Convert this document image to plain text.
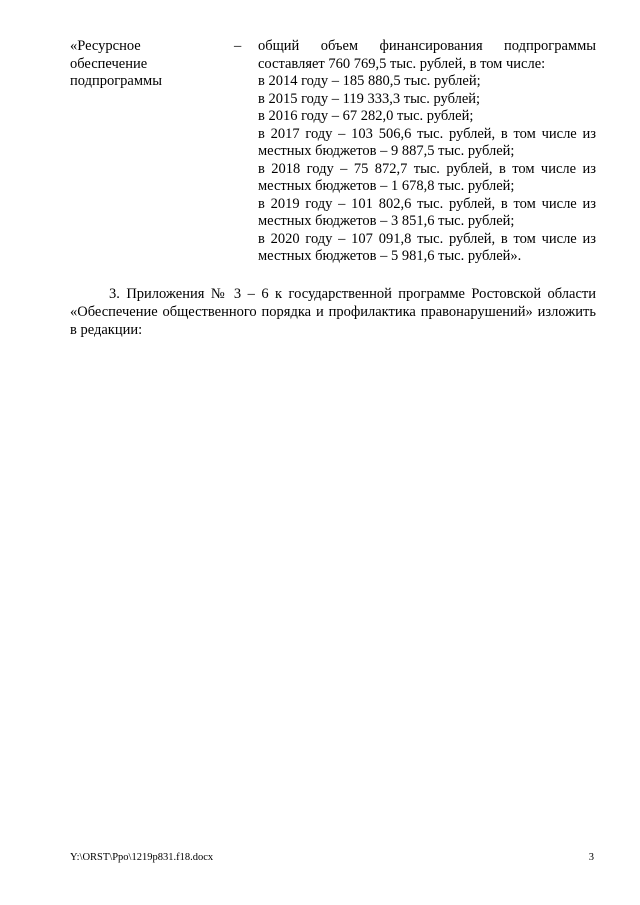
«Ресурсное
обеспечение
подпрограммы
– общий объем финансирования подпрограммы составляет 760 769,5 тыс. рублей, в том числе:

в 2014 году – 185 880,5 тыс. рублей;

в 2015 году – 119 333,3 тыс. рублей;

в 2016 году – 67 282,0 тыс. рублей;

в 2017 году – 103 506,6 тыс. рублей, в том числе из местных бюджетов – 9 887,5 тыс. рублей;

в 2018 году – 75 872,7 тыс. рублей, в том числе из местных бюджетов – 1 678,8 тыс. рублей;

в 2019 году – 101 802,6 тыс. рублей, в том числе из местных бюджетов – 3 851,6 тыс. рублей;

в 2020 году – 107 091,8 тыс. рублей, в том числе из местных бюджетов – 5 981,6 тыс. рублей».

3. Приложения № 3 – 6 к государственной программе Ростовской области «Обеспечение общественного порядка и профилактика правонарушений» изложить в редакции:

Y:\ORST\Ppo\1219p831.f18.docx	3
